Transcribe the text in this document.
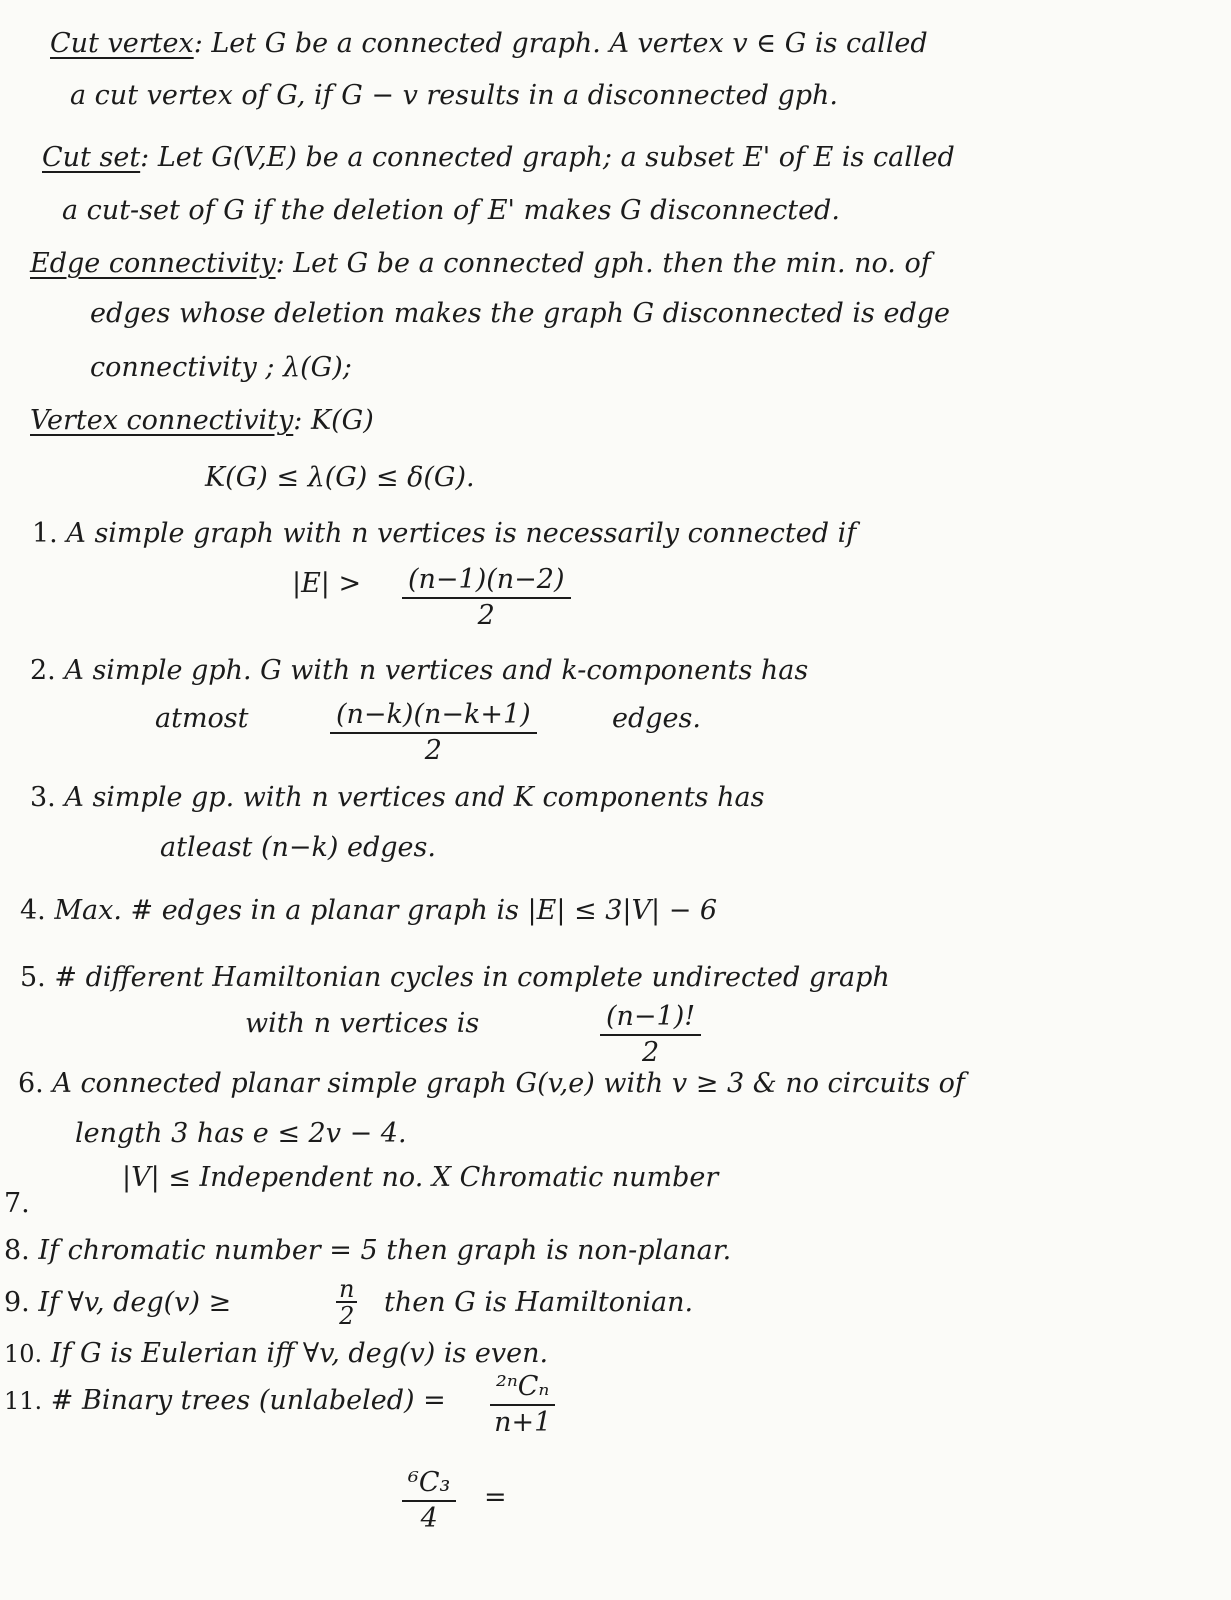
Cut vertex: Let G be a connected graph. A vertex v ∈ G is called
a cut vertex of G, if G − v results in a disconnected gph.
Cut set: Let G(V,E) be a connected graph; a subset E' of E is called
a cut-set of G if the deletion of E' makes G disconnected.
Edge connectivity: Let G be a connected gph. then the min. no. of
edges whose deletion makes the graph G disconnected is edge
connectivity ; λ(G);
Vertex connectivity: K(G)
K(G) ≤ λ(G) ≤ δ(G).
1. A simple graph with n vertices is necessarily connected if
$|E| > \frac{(n-1)(n-2)}{2}$
2. A simple gph. G with n vertices and k-components has
atmost	$\frac{(n-k)(n-k+1)}{2}$	edges.
3. A simple gp. with n vertices and K components has
atleast (n−k) edges.
4. Max. # edges in a planar graph is |E| ≤ 3|V| − 6
5. # different Hamiltonian cycles in complete undirected graph
with n vertices is	$\frac{(n-1)!}{2}$
6. A connected planar simple graph G(v,e) with v ≥ 3 & no circuits of
length 3 has e ≤ 2v − 4.
7.
|V| ≤ Independent no. X Chromatic number
8. If chromatic number = 5 then graph is non-planar.
9. If ∀v, deg(v) ≥	$\frac{n}{2}$ then G is Hamiltonian.
10. If G is Eulerian iff ∀v, deg(v) is even.
11. # Binary trees (unlabeled) = ²ⁿCₙ
n+1
$\frac{\text{⁶C₃}}{4}$ =
